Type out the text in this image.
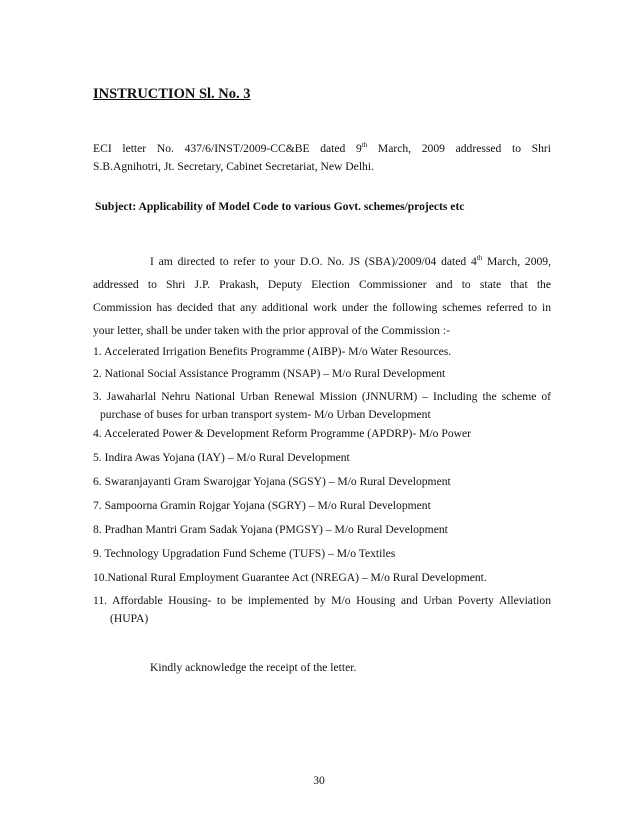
INSTRUCTION Sl. No. 3
ECI letter No. 437/6/INST/2009-CC&BE dated 9th March, 2009 addressed to Shri
S.B.Agnihotri, Jt. Secretary, Cabinet Secretariat, New Delhi.
Subject: Applicability of Model Code to various Govt. schemes/projects etc
I am directed to refer to your D.O. No. JS (SBA)/2009/04 dated 4th March, 2009,
addressed to Shri J.P. Prakash, Deputy Election Commissioner and to state that the
Commission has decided that any additional work under the following schemes referred to in
your letter, shall be under taken with the prior approval of the Commission :-
1. Accelerated Irrigation Benefits Programme (AIBP)- M/o Water Resources.
2. National Social Assistance Programm (NSAP) – M/o Rural Development
3. Jawaharlal Nehru National Urban Renewal Mission (JNNURM) – Including the scheme of
purchase of buses for urban transport system- M/o Urban Development
4. Accelerated Power & Development Reform Programme (APDRP)- M/o Power
5. Indira Awas Yojana (IAY) – M/o Rural Development
6. Swaranjayanti Gram Swarojgar Yojana (SGSY) – M/o Rural Development
7. Sampoorna Gramin Rojgar Yojana (SGRY) – M/o Rural Development
8. Pradhan Mantri Gram Sadak Yojana (PMGSY) – M/o Rural Development
9. Technology Upgradation Fund Scheme (TUFS) – M/o Textiles
10.National Rural Employment Guarantee Act (NREGA) – M/o Rural Development.
11. Affordable Housing- to be implemented by M/o Housing and Urban Poverty Alleviation
(HUPA)
Kindly acknowledge the receipt of the letter.
30
